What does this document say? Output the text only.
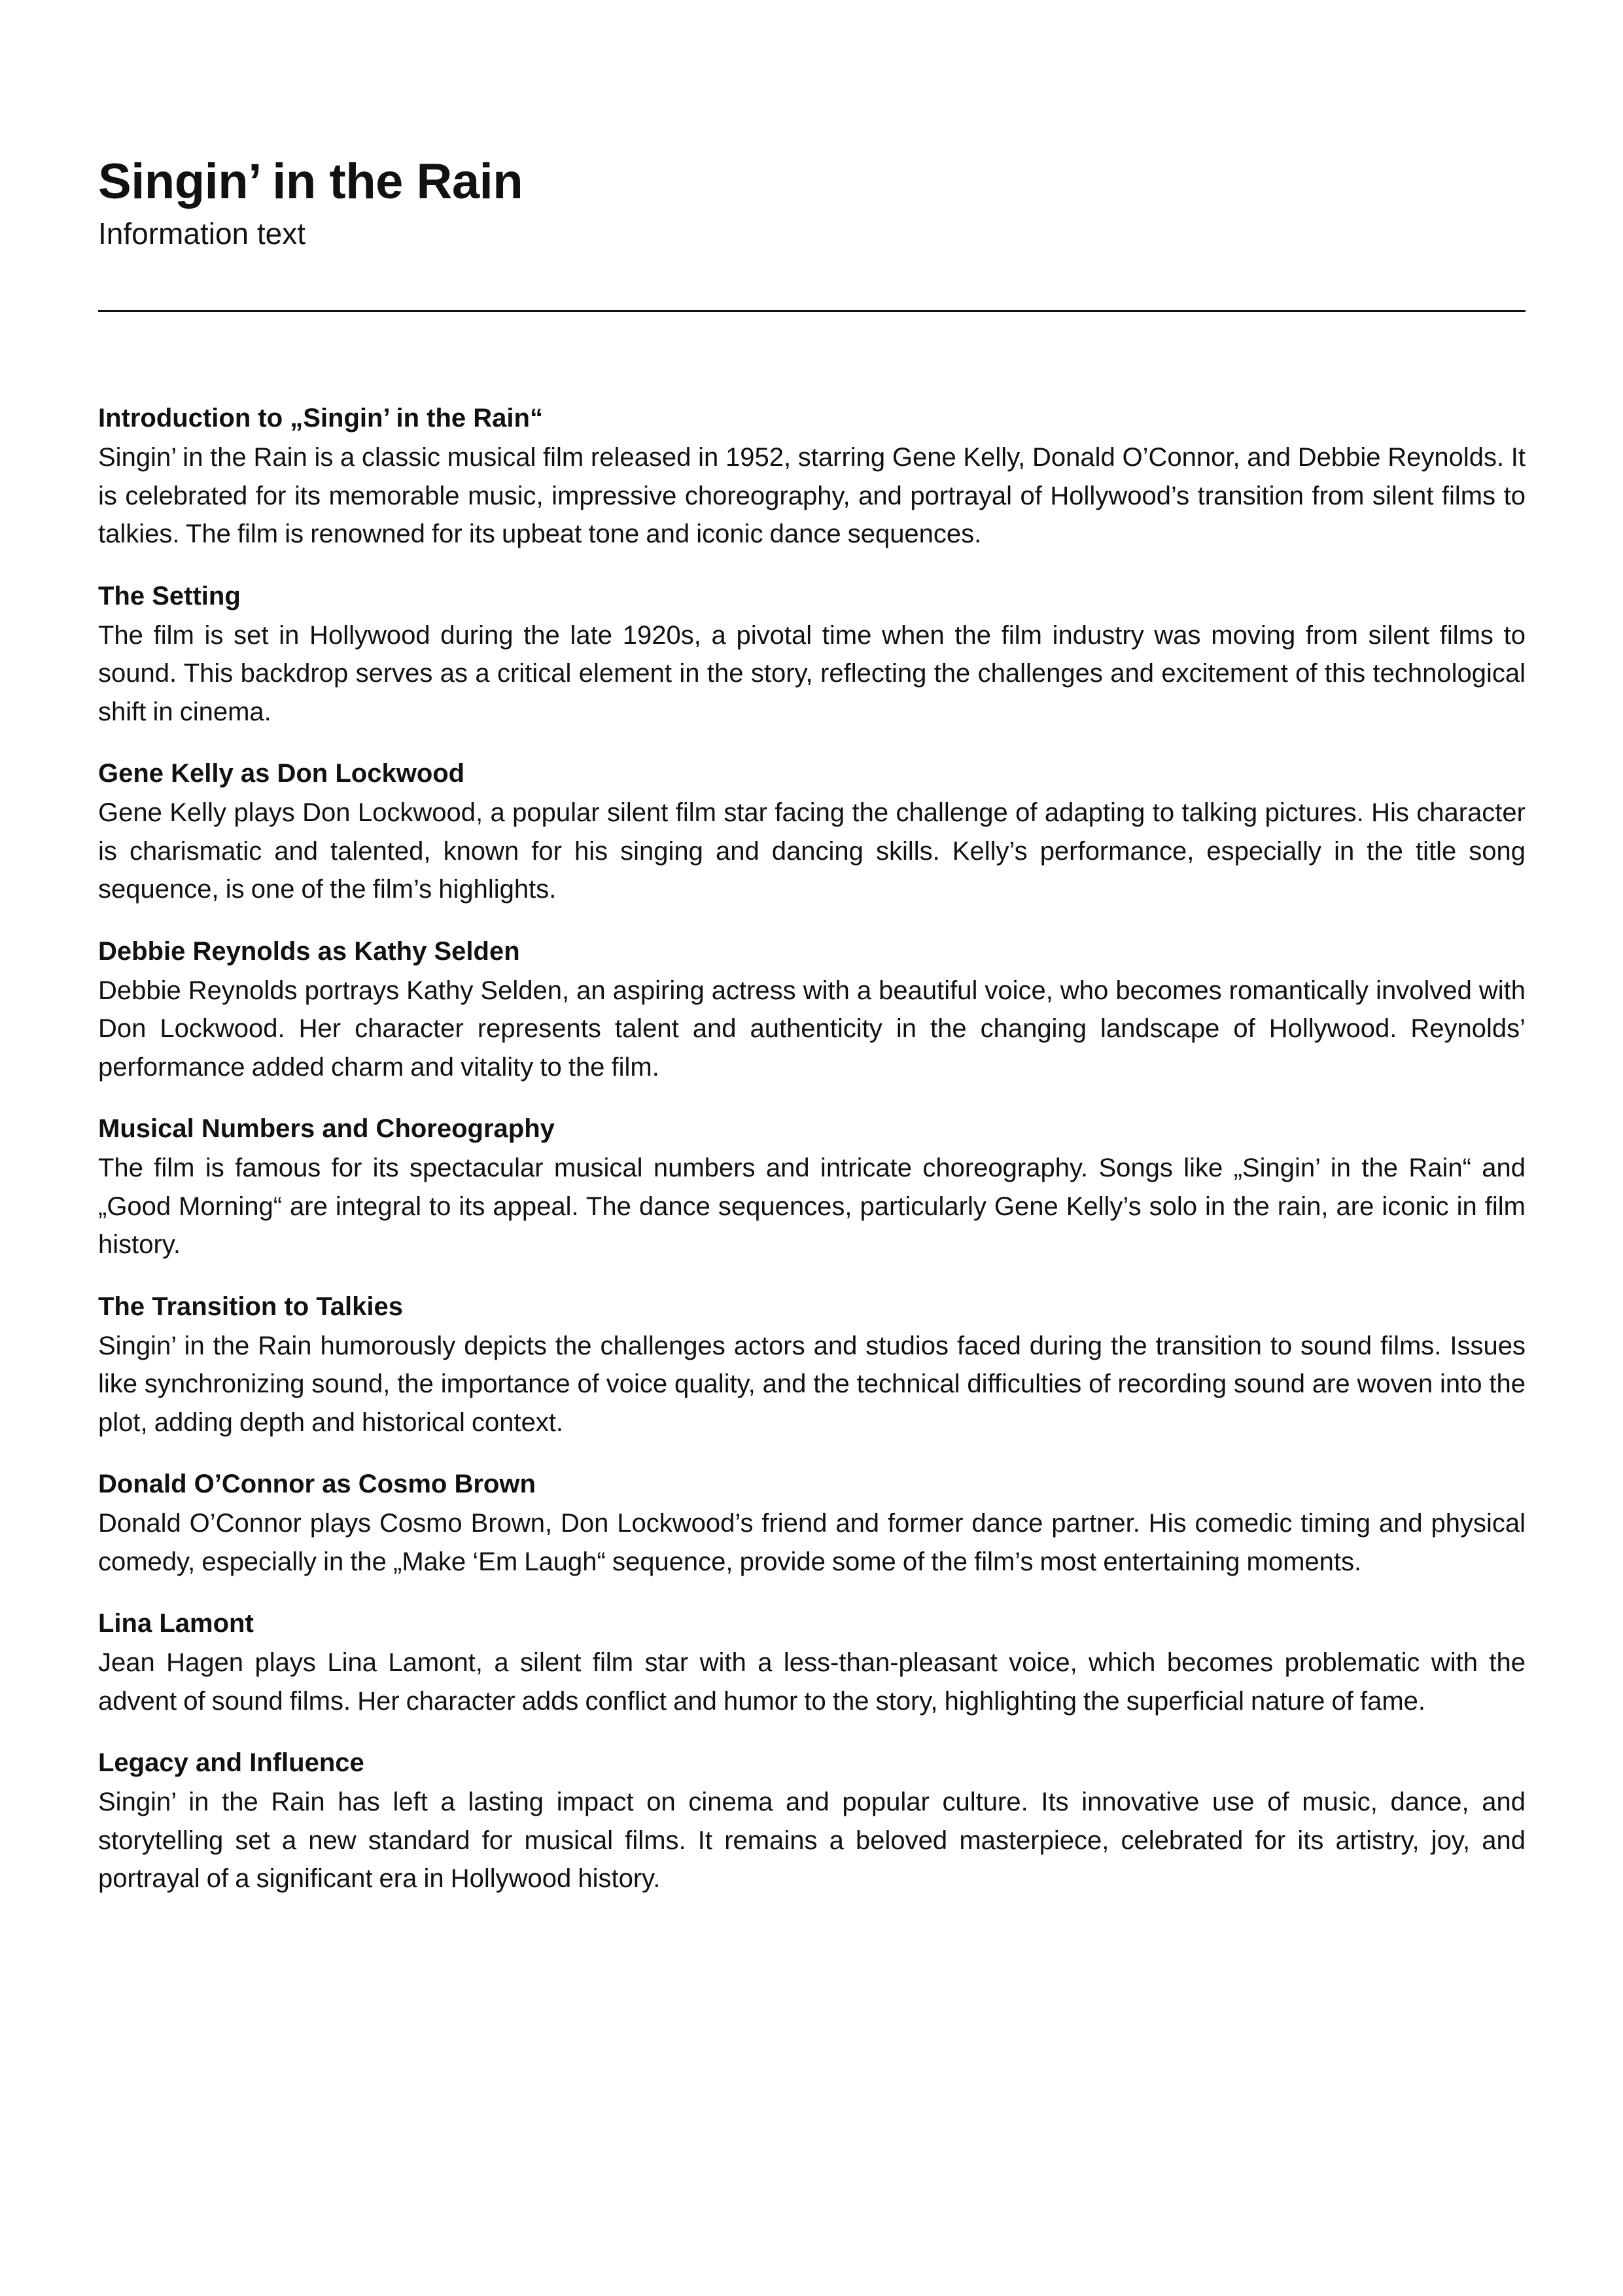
Singin’ in the Rain
Information text
Introduction to „Singin’ in the Rain“

Singin’ in the Rain is a classic musical film released in 1952, starring Gene Kelly, Donald O’Connor, and Debbie Reynolds. It is celebrated for its memorable music, impressive choreography, and portrayal of Hollywood’s transition from silent films to talkies. The film is renowned for its upbeat tone and iconic dance sequences.

The Setting

The film is set in Hollywood during the late 1920s, a pivotal time when the film industry was moving from silent films to sound. This backdrop serves as a critical element in the story, reflecting the challenges and excitement of this technological shift in cinema.

Gene Kelly as Don Lockwood

Gene Kelly plays Don Lockwood, a popular silent film star facing the challenge of adapting to talking pictures. His character is charismatic and talented, known for his singing and dancing skills. Kelly’s performance, especially in the title song sequence, is one of the film’s highlights.

Debbie Reynolds as Kathy Selden

Debbie Reynolds portrays Kathy Selden, an aspiring actress with a beautiful voice, who becomes romantically involved with Don Lockwood. Her character represents talent and authenticity in the changing landscape of Hollywood. Reynolds’ performance added charm and vitality to the film.

Musical Numbers and Choreography

The film is famous for its spectacular musical numbers and intricate choreography. Songs like „Singin’ in the Rain“ and „Good Morning“ are integral to its appeal. The dance sequences, particularly Gene Kelly’s solo in the rain, are iconic in film history.

The Transition to Talkies

Singin’ in the Rain humorously depicts the challenges actors and studios faced during the transition to sound films. Issues like synchronizing sound, the importance of voice quality, and the technical difficulties of recording sound are woven into the plot, adding depth and historical context.

Donald O’Connor as Cosmo Brown

Donald O’Connor plays Cosmo Brown, Don Lockwood’s friend and former dance partner. His comedic timing and physical comedy, especially in the „Make ‘Em Laugh“ sequence, provide some of the film’s most entertaining moments.

Lina Lamont

Jean Hagen plays Lina Lamont, a silent film star with a less-than-pleasant voice, which becomes problematic with the advent of sound films. Her character adds conflict and humor to the story, highlighting the superficial nature of fame.

Legacy and Influence

Singin’ in the Rain has left a lasting impact on cinema and popular culture. Its innovative use of music, dance, and storytelling set a new standard for musical films. It remains a beloved masterpiece, celebrated for its artistry, joy, and portrayal of a significant era in Hollywood history.
